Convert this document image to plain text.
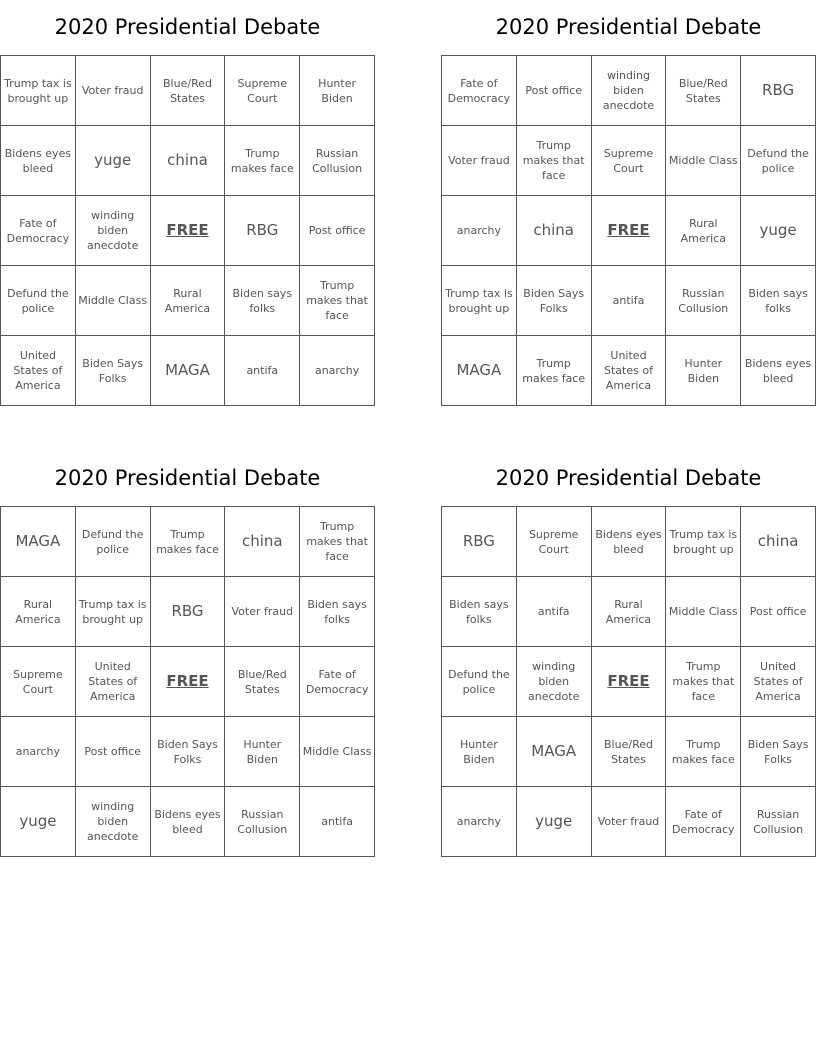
2020 Presidential Debate
Trump tax is brought up	Voter fraud	Blue/Red States	Supreme Court	Hunter Biden
Bidens eyes bleed	yuge	china	Trump makes face	Russian Collusion
Fate of Democracy	winding biden anecdote	FREE	RBG	Post office
Defund the police	Middle Class	Rural America	Biden says folks	Trump makes that face
United States of America	Biden Says Folks	MAGA	antifa	anarchy
2020 Presidential Debate
Fate of Democracy	Post office	winding biden anecdote	Blue/Red States	RBG
Voter fraud	Trump makes that face	Supreme Court	Middle Class	Defund the police
anarchy	china	FREE	Rural America	yuge
Trump tax is brought up	Biden Says Folks	antifa	Russian Collusion	Biden says folks
MAGA	Trump makes face	United States of America	Hunter Biden	Bidens eyes bleed
2020 Presidential Debate
MAGA	Defund the police	Trump makes face	china	Trump makes that face
Rural America	Trump tax is brought up	RBG	Voter fraud	Biden says folks
Supreme Court	United States of America	FREE	Blue/Red States	Fate of Democracy
anarchy	Post office	Biden Says Folks	Hunter Biden	Middle Class
yuge	winding biden anecdote	Bidens eyes bleed	Russian Collusion	antifa
2020 Presidential Debate
RBG	Supreme Court	Bidens eyes bleed	Trump tax is brought up	china
Biden says folks	antifa	Rural America	Middle Class	Post office
Defund the police	winding biden anecdote	FREE	Trump makes that face	United States of America
Hunter Biden	MAGA	Blue/Red States	Trump makes face	Biden Says Folks
anarchy	yuge	Voter fraud	Fate of Democracy	Russian Collusion
